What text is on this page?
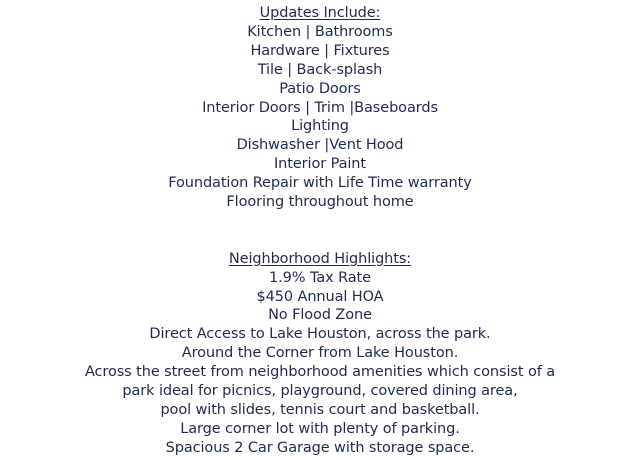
Updates Include:
Kitchen | Bathrooms
Hardware | Fixtures
Tile | Back-splash
Patio Doors
Interior Doors | Trim |Baseboards
Lighting
Dishwasher |Vent Hood
Interior Paint
Foundation Repair with Life Time warranty
Flooring throughout home
Neighborhood Highlights:
1.9% Tax Rate
$450 Annual HOA
No Flood Zone
Direct Access to Lake Houston, across the park.
Around the Corner from Lake Houston.
Across the street from neighborhood amenities which consist of a
park ideal for picnics, playground, covered dining area,
pool with slides, tennis court and basketball.
Large corner lot with plenty of parking.
Spacious 2 Car Garage with storage space.
